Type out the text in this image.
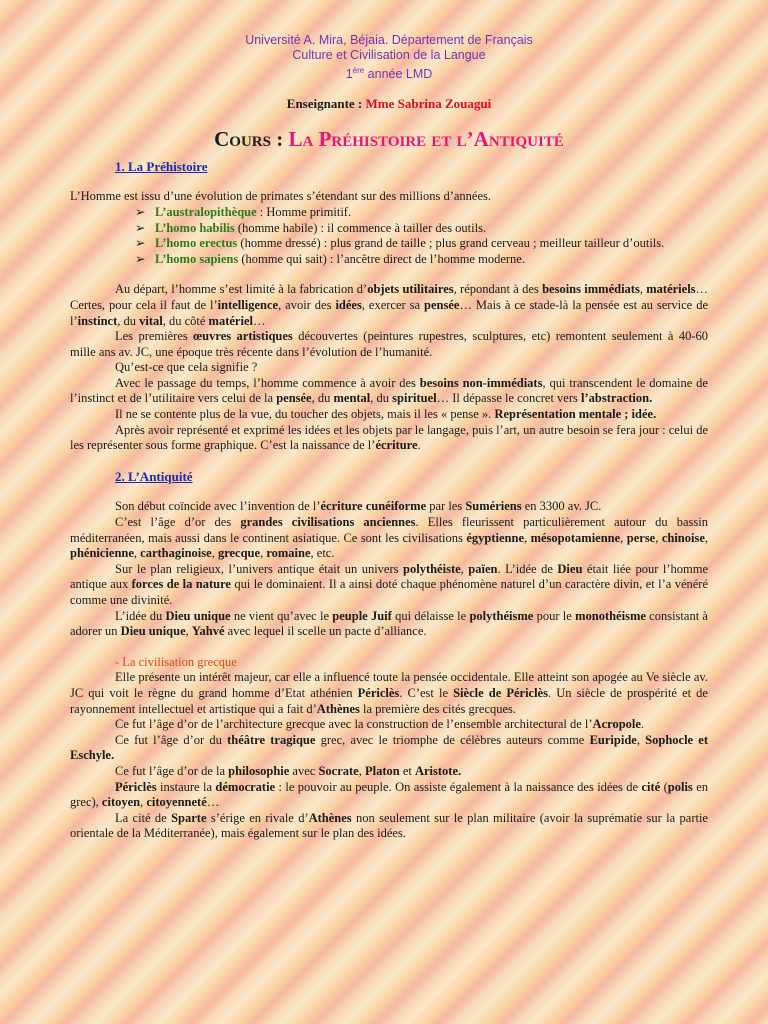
Université A. Mira, Béjaia. Département de Français
Culture et Civilisation de la Langue
1ère année LMD
Enseignante : Mme Sabrina Zouagui
Cours : La Préhistoire et l’Antiquité
1. La Préhistoire

L’Homme est issu d’une évolution de primates s’étendant sur des millions d’années.

➢ L’australopithèque : Homme primitif.
➢ L’homo habilis (homme habile) : il commence à tailler des outils.
➢ L’homo erectus (homme dressé) : plus grand de taille ; plus grand cerveau ; meilleur tailleur d’outils.
➢ L’homo sapiens (homme qui sait) : l’ancêtre direct de l’homme moderne.

Au départ, l’homme s’est limité à la fabrication d’objets utilitaires, répondant à des besoins immédiats, matériels… Certes, pour cela il faut de l’intelligence, avoir des idées, exercer sa pensée… Mais à ce stade-là la pensée est au service de l’instinct, du vital, du côté matériel…

Les premières œuvres artistiques découvertes (peintures rupestres, sculptures, etc) remontent seulement à 40-60 mille ans av. JC, une époque très récente dans l’évolution de l’humanité.

Qu’est-ce que cela signifie ?

Avec le passage du temps, l’homme commence à avoir des besoins non-immédiats, qui transcendent le domaine de l’instinct et de l’utilitaire vers celui de la pensée, du mental, du spirituel… Il dépasse le concret vers l’abstraction.

Il ne se contente plus de la vue, du toucher des objets, mais il les « pense ». Représentation mentale ; idée.

Après avoir représenté et exprimé les idées et les objets par le langage, puis l’art, un autre besoin se fera jour : celui de les représenter sous forme graphique. C’est la naissance de l’écriture.

2. L’Antiquité

Son début coïncide avec l’invention de l’écriture cunéiforme par les Sumériens en 3300 av. JC.

C’est l’âge d’or des grandes civilisations anciennes. Elles fleurissent particulièrement autour du bassin méditerranéen, mais aussi dans le continent asiatique. Ce sont les civilisations égyptienne, mésopotamienne, perse, chinoise, phénicienne, carthaginoise, grecque, romaine, etc.

Sur le plan religieux, l’univers antique était un univers polythéiste, païen. L’idée de Dieu était liée pour l’homme antique aux forces de la nature qui le dominaient. Il a ainsi doté chaque phénomène naturel d’un caractère divin, et l’a vénéré comme une divinité.

L’idée du Dieu unique ne vient qu’avec le peuple Juif qui délaisse le polythéisme pour le monothéisme consistant à adorer un Dieu unique, Yahvé avec lequel il scelle un pacte d’alliance.

- La civilisation grecque

Elle présente un intérêt majeur, car elle a influencé toute la pensée occidentale. Elle atteint son apogée au Ve siècle av. JC qui voit le règne du grand homme d’Etat athénien Périclès. C’est le Siècle de Périclès. Un siècle de prospérité et de rayonnement intellectuel et artistique qui a fait d’Athènes la première des cités grecques.

Ce fut l’âge d’or de l’architecture grecque avec la construction de l’ensemble architectural de l’Acropole.

Ce fut l’âge d’or du théâtre tragique grec, avec le triomphe de célèbres auteurs comme Euripide, Sophocle et Eschyle.

Ce fut l’âge d’or de la philosophie avec Socrate, Platon et Aristote.

Périclès instaure la démocratie : le pouvoir au peuple. On assiste également à la naissance des idées de cité (polis en grec), citoyen, citoyenneté…

La cité de Sparte s’érige en rivale d’Athènes non seulement sur le plan militaire (avoir la suprématie sur la partie orientale de la Méditerranée), mais également sur le plan des idées.
